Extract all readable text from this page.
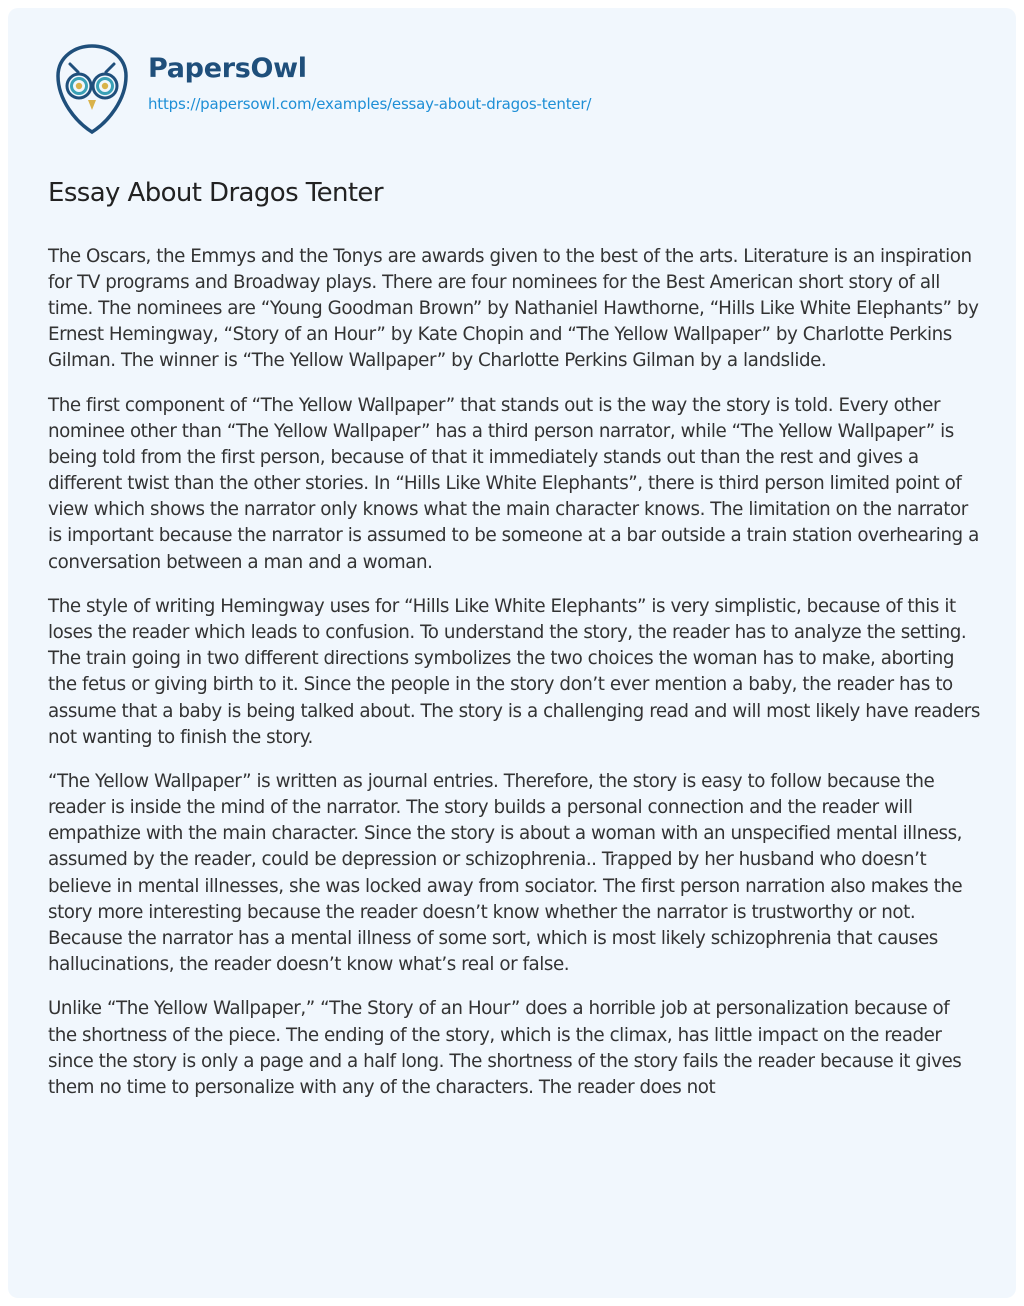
PapersOwl
https://papersowl.com/examples/essay-about-dragos-tenter/
Essay About Dragos Tenter

The Oscars, the Emmys and the Tonys are awards given to the best of the arts. Literature is an inspiration for TV programs and Broadway plays. There are four nominees for the Best American short story of all time. The nominees are “Young Goodman Brown” by Nathaniel Hawthorne, “Hills Like White Elephants” by Ernest Hemingway, “Story of an Hour” by Kate Chopin and “The Yellow Wallpaper” by Charlotte Perkins Gilman. The winner is “The Yellow Wallpaper” by Charlotte Perkins Gilman by a landslide.

The first component of “The Yellow Wallpaper” that stands out is the way the story is told. Every other nominee other than “The Yellow Wallpaper” has a third person narrator, while “The Yellow Wallpaper” is being told from the first person, because of that it immediately stands out than the rest and gives a different twist than the other stories. In “Hills Like White Elephants”, there is third person limited point of view which shows the narrator only knows what the main character knows. The limitation on the narrator is important because the narrator is assumed to be someone at a bar outside a train station overhearing a conversation between a man and a woman.

The style of writing Hemingway uses for “Hills Like White Elephants” is very simplistic, because of this it loses the reader which leads to confusion. To understand the story, the reader has to analyze the setting. The train going in two different directions symbolizes the two choices the woman has to make, aborting the fetus or giving birth to it. Since the people in the story don’t ever mention a baby, the reader has to assume that a baby is being talked about. The story is a challenging read and will most likely have readers not wanting to finish the story.

“The Yellow Wallpaper” is written as journal entries. Therefore, the story is easy to follow because the reader is inside the mind of the narrator. The story builds a personal connection and the reader will empathize with the main character. Since the story is about a woman with an unspecified mental illness, assumed by the reader, could be depression or schizophrenia.. Trapped by her husband who doesn’t believe in mental illnesses, she was locked away from sociator. The first person narration also makes the story more interesting because the reader doesn’t know whether the narrator is trustworthy or not. Because the narrator has a mental illness of some sort, which is most likely schizophrenia that causes hallucinations, the reader doesn’t know what’s real or false.

Unlike “The Yellow Wallpaper,” “The Story of an Hour” does a horrible job at personalization because of the shortness of the piece. The ending of the story, which is the climax, has little impact on the reader since the story is only a page and a half long. The shortness of the story fails the reader because it gives them no time to personalize with any of the characters. The reader does not
